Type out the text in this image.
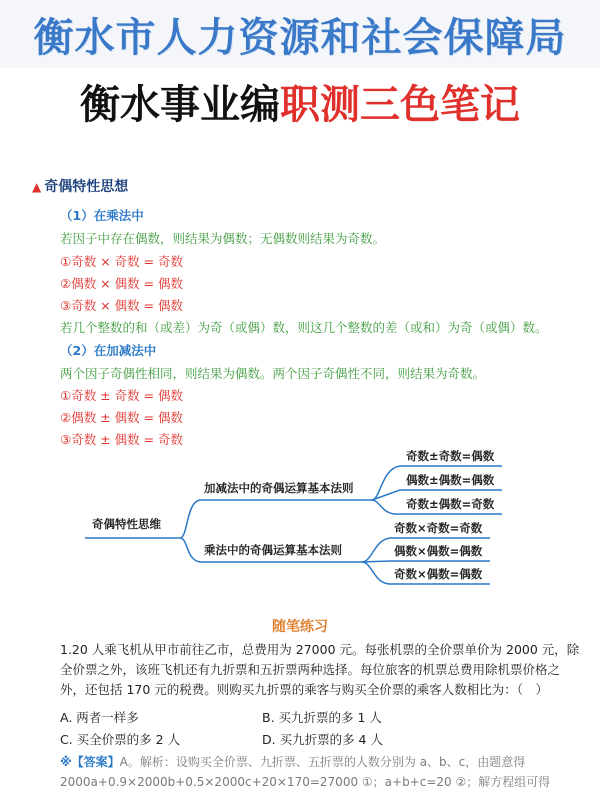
衡水市人力资源和社会保障局
衡水事业编职测三色笔记
▲ 奇偶特性思想
（1）在乘法中
若因子中存在偶数，则结果为偶数；无偶数则结果为奇数。
①奇数 × 奇数 = 奇数
②偶数 × 偶数 = 偶数
③奇数 × 偶数 = 偶数
若几个整数的和（或差）为奇（或偶）数，则这几个整数的差（或和）为奇（或偶）数。
（2）在加减法中
两个因子奇偶性相同，则结果为偶数。两个因子奇偶性不同，则结果为奇数。
①奇数 ± 奇数 = 偶数
②偶数 ± 偶数 = 偶数
③奇数 ± 偶数 = 奇数
奇偶特性思维
加减法中的奇偶运算基本法则
乘法中的奇偶运算基本法则
奇数±奇数=偶数
偶数±偶数=偶数
奇数±偶数=奇数
奇数×奇数=奇数
偶数×偶数=偶数
奇数×偶数=偶数
随笔练习
1.20 人乘飞机从甲市前往乙市，总费用为 27000 元。每张机票的全价票单价为 2000 元，除全价票之外，该班飞机还有九折票和五折票两种选择。每位旅客的机票总费用除机票价格之外，还包括 170 元的税费。则购买九折票的乘客与购买全价票的乘客人数相比为：（　）
A. 两者一样多	B. 买九折票的多 1 人
C. 买全价票的多 2 人	D. 买九折票的多 4 人
※【答案】A。解析：设购买全价票、九折票、五折票的人数分别为 a、b、c，由题意得 2000a+0.9×2000b+0.5×2000c+20×170=27000 ①；a+b+c=20 ②；解方程组可得
